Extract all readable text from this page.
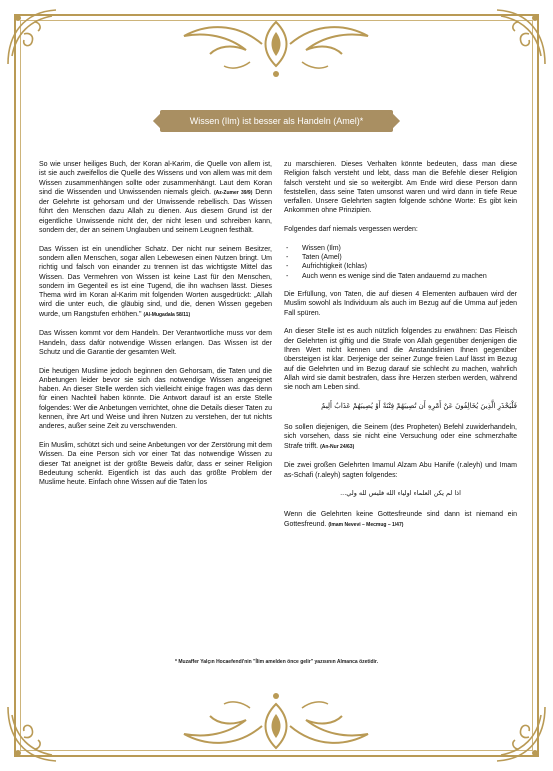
Wissen (Ilm) ist besser als Handeln (Amel)*

So wie unser heiliges Buch, der Koran al-Karim, die Quelle von allem ist, ist sie auch zweifellos die Quelle des Wissens und von allem was mit dem Wissen zusammenhängen sollte oder zusammenhängt. Laut dem Koran sind die Wissenden und Unwissenden niemals gleich. (Az-Zumer 39/9) Denn der Gelehrte ist gehorsam und der Unwissende rebellisch. Das Wissen führt den Menschen dazu Allah zu dienen. Aus diesem Grund ist der eigentliche Unwissende nicht der, der nicht lesen und schreiben kann, sondern der, der an seinem Unglauben und seinem Leugnen festhält.

Das Wissen ist ein unendlicher Schatz. Der nicht nur seinem Besitzer, sondern allen Menschen, sogar allen Lebewesen einen Nutzen bringt. Um richtig und falsch von einander zu trennen ist das wichtigste Mittel das Wissen. Das Vermehren von Wissen ist keine Last für den Menschen, sondern im Gegenteil es ist eine Tugend, die ihn wachsen lässt. Dieses Thema wird im Koran al-Karim mit folgenden Worten ausgedrückt: „Allah wird die unter euch, die gläubig sind, und die, denen Wissen gegeben wurde, um Rangstufen erhöhen." (Al-Mugadala 58/11)

Das Wissen kommt vor dem Handeln. Der Verantwortliche muss vor dem Handeln, dass dafür notwendige Wissen erlangen. Das Wissen ist der Schutz und die Garantie der gesamten Welt.

Die heutigen Muslime jedoch beginnen den Gehorsam, die Taten und die Anbetungen leider bevor sie sich das notwendige Wissen angeeignet haben. An dieser Stelle werden sich vielleicht einige fragen was das denn für einen Nachteil haben könnte. Die Antwort darauf ist an erste Stelle folgendes: Wer die Anbetungen verrichtet, ohne die Details dieser Taten zu kennen, ihre Art und Weise und ihren Nutzen zu verstehen, der tut nichts anderes, außer seine Zeit zu verschwenden.

Ein Muslim, schützt sich und seine Anbetungen vor der Zerstörung mit dem Wissen. Da eine Person sich vor einer Tat das notwendige Wissen zu dieser Tat aneignet ist der größte Beweis dafür, dass er seiner Religion Bedeutung schenkt. Eigentlich ist das auch das größte Problem der Muslime heute. Einfach ohne Wissen auf die Taten los

zu marschieren. Dieses Verhalten könnte bedeuten, dass man diese Religion falsch versteht und lebt, dass man die Befehle dieser Religion falsch versteht und sie so weitergibt. Am Ende wird diese Person dann feststellen, dass seine Taten umsonst waren und wird dann in tiefe Reue verfallen. Unsere Gelehrten sagten folgende schöne Worte: Es gibt kein Ankommen ohne Prinzipien.

Folgendes darf niemals vergessen werden:

- Wissen (Ilm)
- Taten (Amel)
- Aufrichtigkeit (Ichlas)
- Auch wenn es wenige sind die Taten andauernd zu machen

Die Erfüllung, von Taten, die auf diesen 4 Elementen aufbauen wird der Muslim sowohl als Individuum als auch im Bezug auf die Umma auf jeden Fall spüren.

An dieser Stelle ist es auch nützlich folgendes zu erwähnen: Das Fleisch der Gelehrten ist giftig und die Strafe von Allah gegenüber denjenigen die Ihren Wert nicht kennen und die Anstandslinien Ihnen gegenüber übersteigen ist klar. Derjenige der seiner Zunge freien Lauf lässt im Bezug auf die Gelehrten und im Bezug darauf sie schlecht zu machen, wahrlich Allah wird sie damit bestrafen, dass ihre Herzen sterben werden, während sie noch am Leben sind.

فَلْيَحْذَرِ الَّذِينَ يُخَالِفُونَ عَنْ أَمْرِهِ أَن تُصِيبَهُمْ فِتْنَةٌ أَوْ يُصِيبَهُمْ عَذَابٌ أَلِيمٌ

So sollen diejenigen, die Seinem (des Propheten) Befehl zuwiderhandeln, sich vorsehen, dass sie nicht eine Versuchung oder eine schmerzhafte Strafe trifft. (An-Nur 24/63)

Die zwei großen Gelehrten Imamul Alzam Abu Hanife (r.aleyh) und Imam as-Schafi (r.aleyh) sagten folgendes:

اذا لم يكن العلماء اولياء الله فليس لله ولي...

Wenn die Gelehrten keine Gottesfreunde sind dann ist niemand ein Gottesfreund. (Imam Nevevi – Mecmug – 1/47)

* Muzaffer Yalçın Hocaefendi'nin "İlim amelden önce gelir" yazısının Almanca özetidir.
